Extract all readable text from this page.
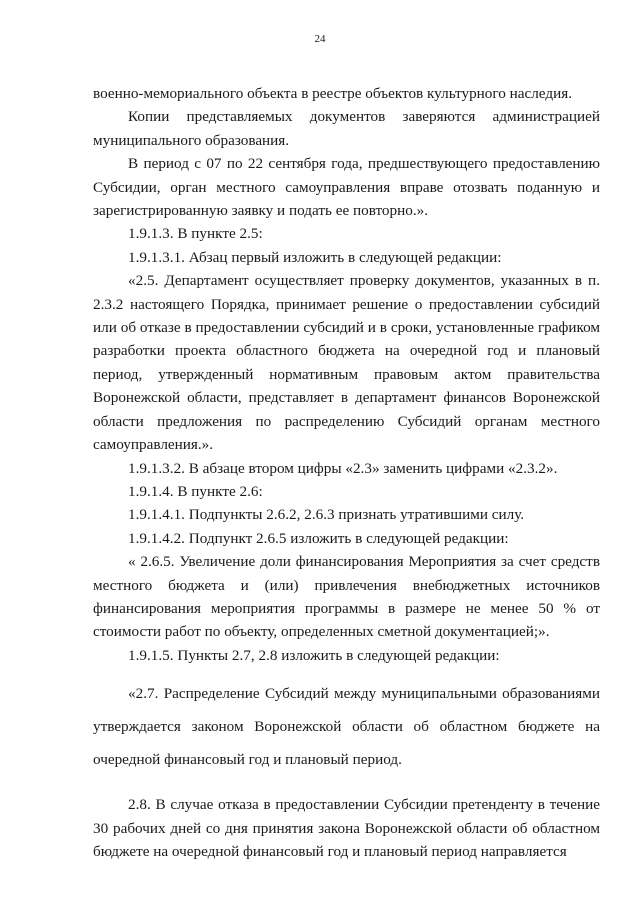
24

военно-мемориального объекта в реестре объектов культурного наследия.

Копии представляемых документов заверяются администрацией муниципального образования.

В период с 07 по 22 сентября года, предшествующего предоставлению Субсидии, орган местного самоуправления вправе отозвать поданную и зарегистрированную заявку и подать ее повторно.».

1.9.1.3. В пункте 2.5:

1.9.1.3.1. Абзац первый изложить в следующей редакции:

«2.5. Департамент осуществляет проверку документов, указанных в п. 2.3.2 настоящего Порядка, принимает решение о предоставлении субсидий или об отказе в предоставлении субсидий и в сроки, установленные графиком разработки проекта областного бюджета на очередной год и плановый период, утвержденный нормативным правовым актом правительства Воронежской области, представляет в департамент финансов Воронежской области предложения по распределению Субсидий органам местного самоуправления.».

1.9.1.3.2. В абзаце втором цифры «2.3» заменить цифрами «2.3.2».

1.9.1.4. В пункте 2.6:

1.9.1.4.1. Подпункты 2.6.2, 2.6.3 признать утратившими силу.

1.9.1.4.2. Подпункт 2.6.5 изложить в следующей редакции:

« 2.6.5. Увеличение доли финансирования Мероприятия за счет средств местного бюджета и (или) привлечения внебюджетных источников финансирования мероприятия программы в размере не менее 50 % от стоимости работ по объекту, определенных сметной документацией;».

1.9.1.5. Пункты 2.7, 2.8 изложить в следующей редакции:

«2.7. Распределение Субсидий между муниципальными образованиями утверждается законом Воронежской области об областном бюджете на очередной финансовый год и плановый период.

2.8. В случае отказа в предоставлении Субсидии претенденту в течение 30 рабочих дней со дня принятия закона Воронежской области об областном бюджете на очередной финансовый год и плановый период направляется
